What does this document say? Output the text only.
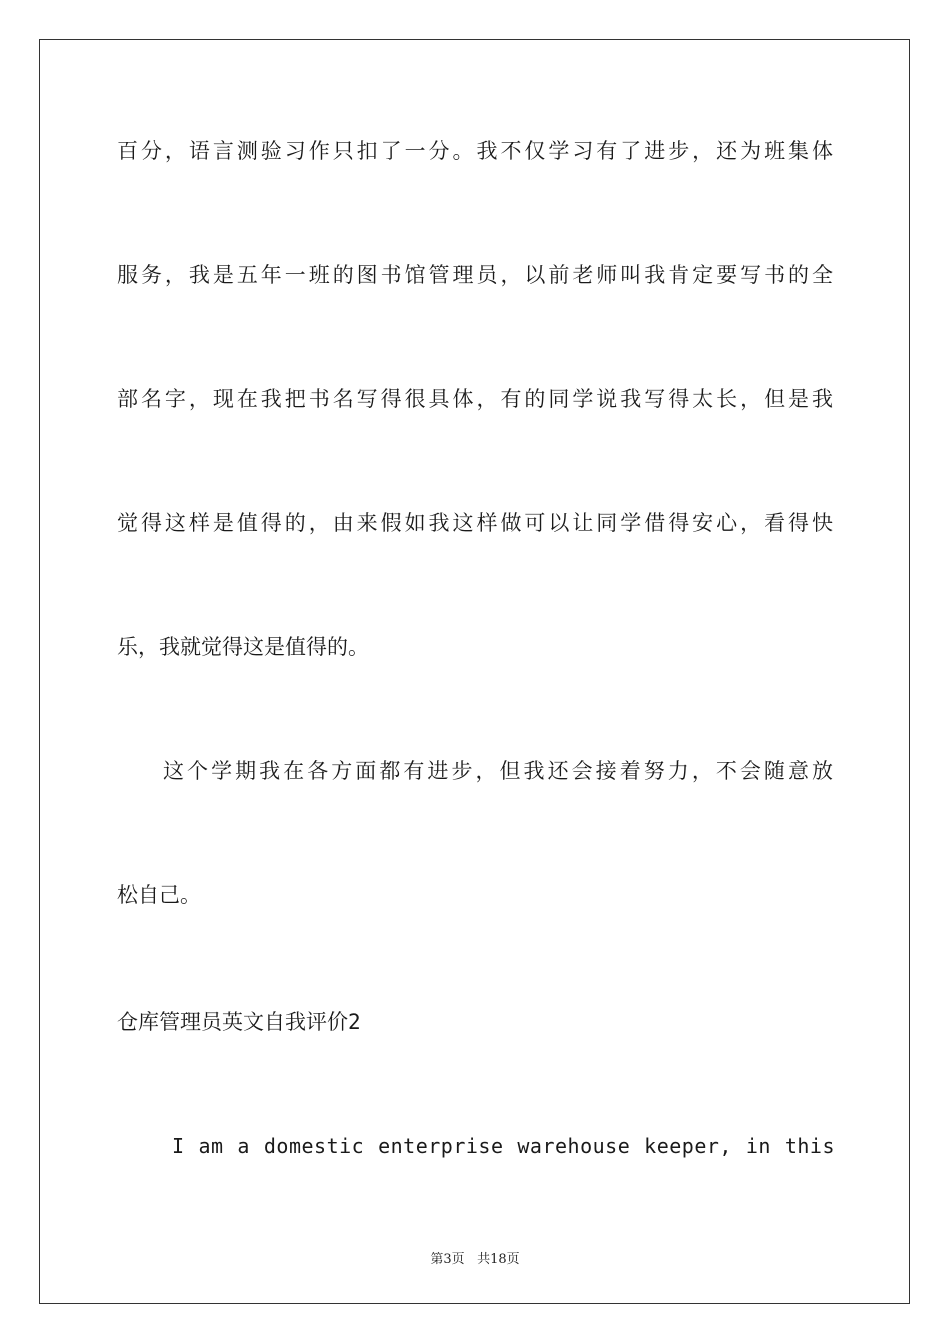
百分，语言测验习作只扣了一分。我不仅学习有了进步，还为班集体
服务，我是五年一班的图书馆管理员，以前老师叫我肯定要写书的全
部名字，现在我把书名写得很具体，有的同学说我写得太长，但是我
觉得这样是值得的，由来假如我这样做可以让同学借得安心，看得快
乐，我就觉得这是值得的。
这个学期我在各方面都有进步，但我还会接着努力，不会随意放
松自己。
仓库管理员英文自我评价2
I am a domestic enterprise warehouse keeper, in this
第3页 共18页
